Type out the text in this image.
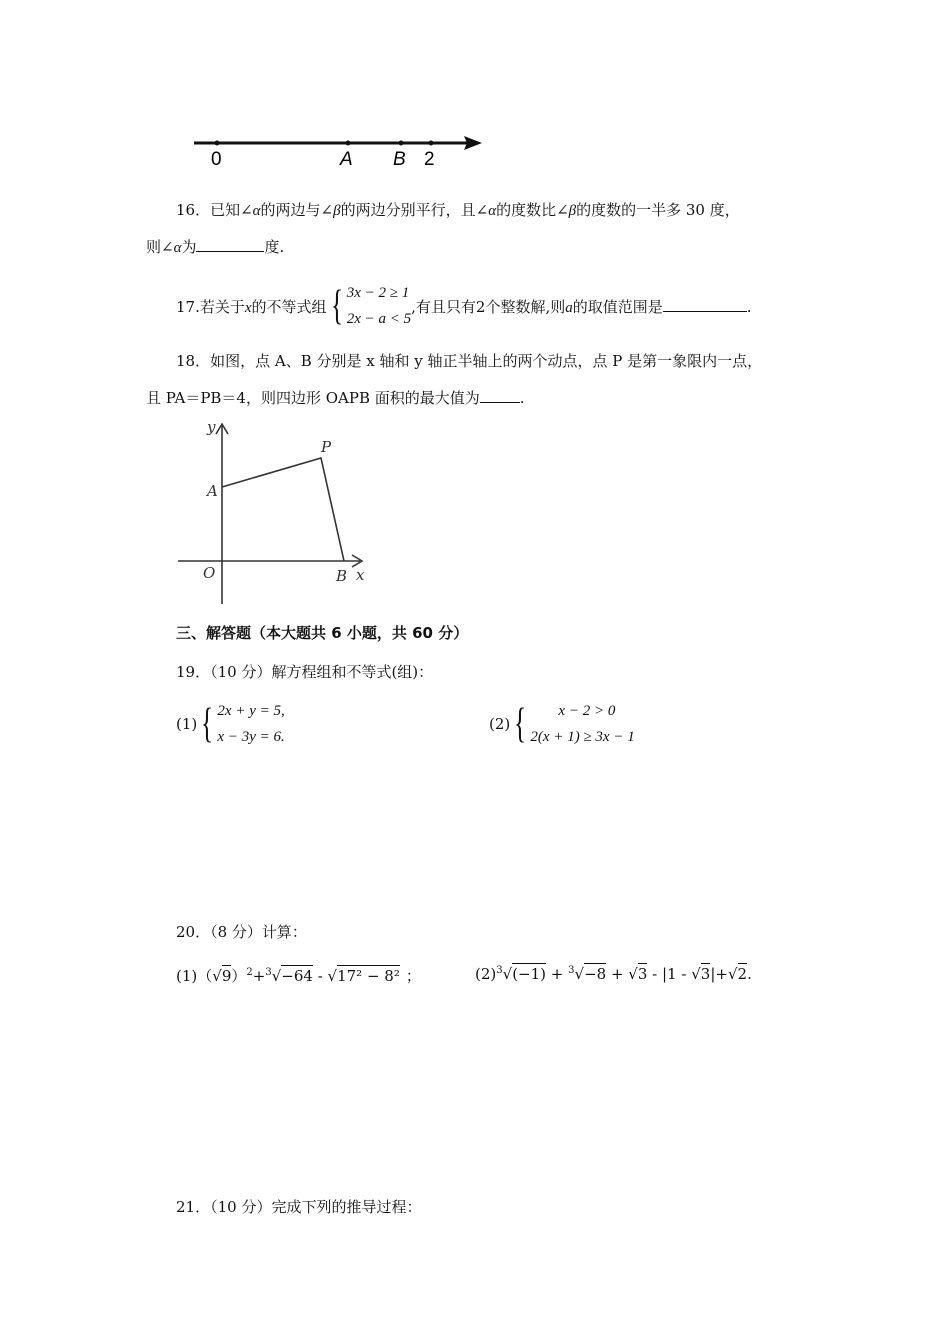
0	A B 2
16．已知∠α的两边与∠β的两边分别平行，且∠α的度数比∠β的度数的一半多 30 度，
则∠α为	度.
17.若关于x的不等式组{ 3x − 2 ≥ 1
2x − a < 5
,有且只有2个整数解,则a的取值范围是	.
18．如图，点 A、B 分别是 x 轴和 y 轴正半轴上的两个动点，点 P 是第一象限内一点，
且 PA＝PB＝4，则四边形 OAPB 面积的最大值为	.
y
x
O
A
B
P
三、解答题（本大题共 6 小题，共 60 分）
19．（10 分）解方程组和不等式(组)：
(1){ 2x + y = 5,
x − 3y = 6.
(2){	x − 2 > 0
2(x + 1) ≥ 3x − 1
20．（8 分）计算：
$(1)(√9)^2+^3√-64 - √17^2 - 8^2$ ；	$(2)^3√(-1) + ^3√-8 + √3 - |1 - √3|+√2$.
21．（10 分）完成下列的推导过程：
